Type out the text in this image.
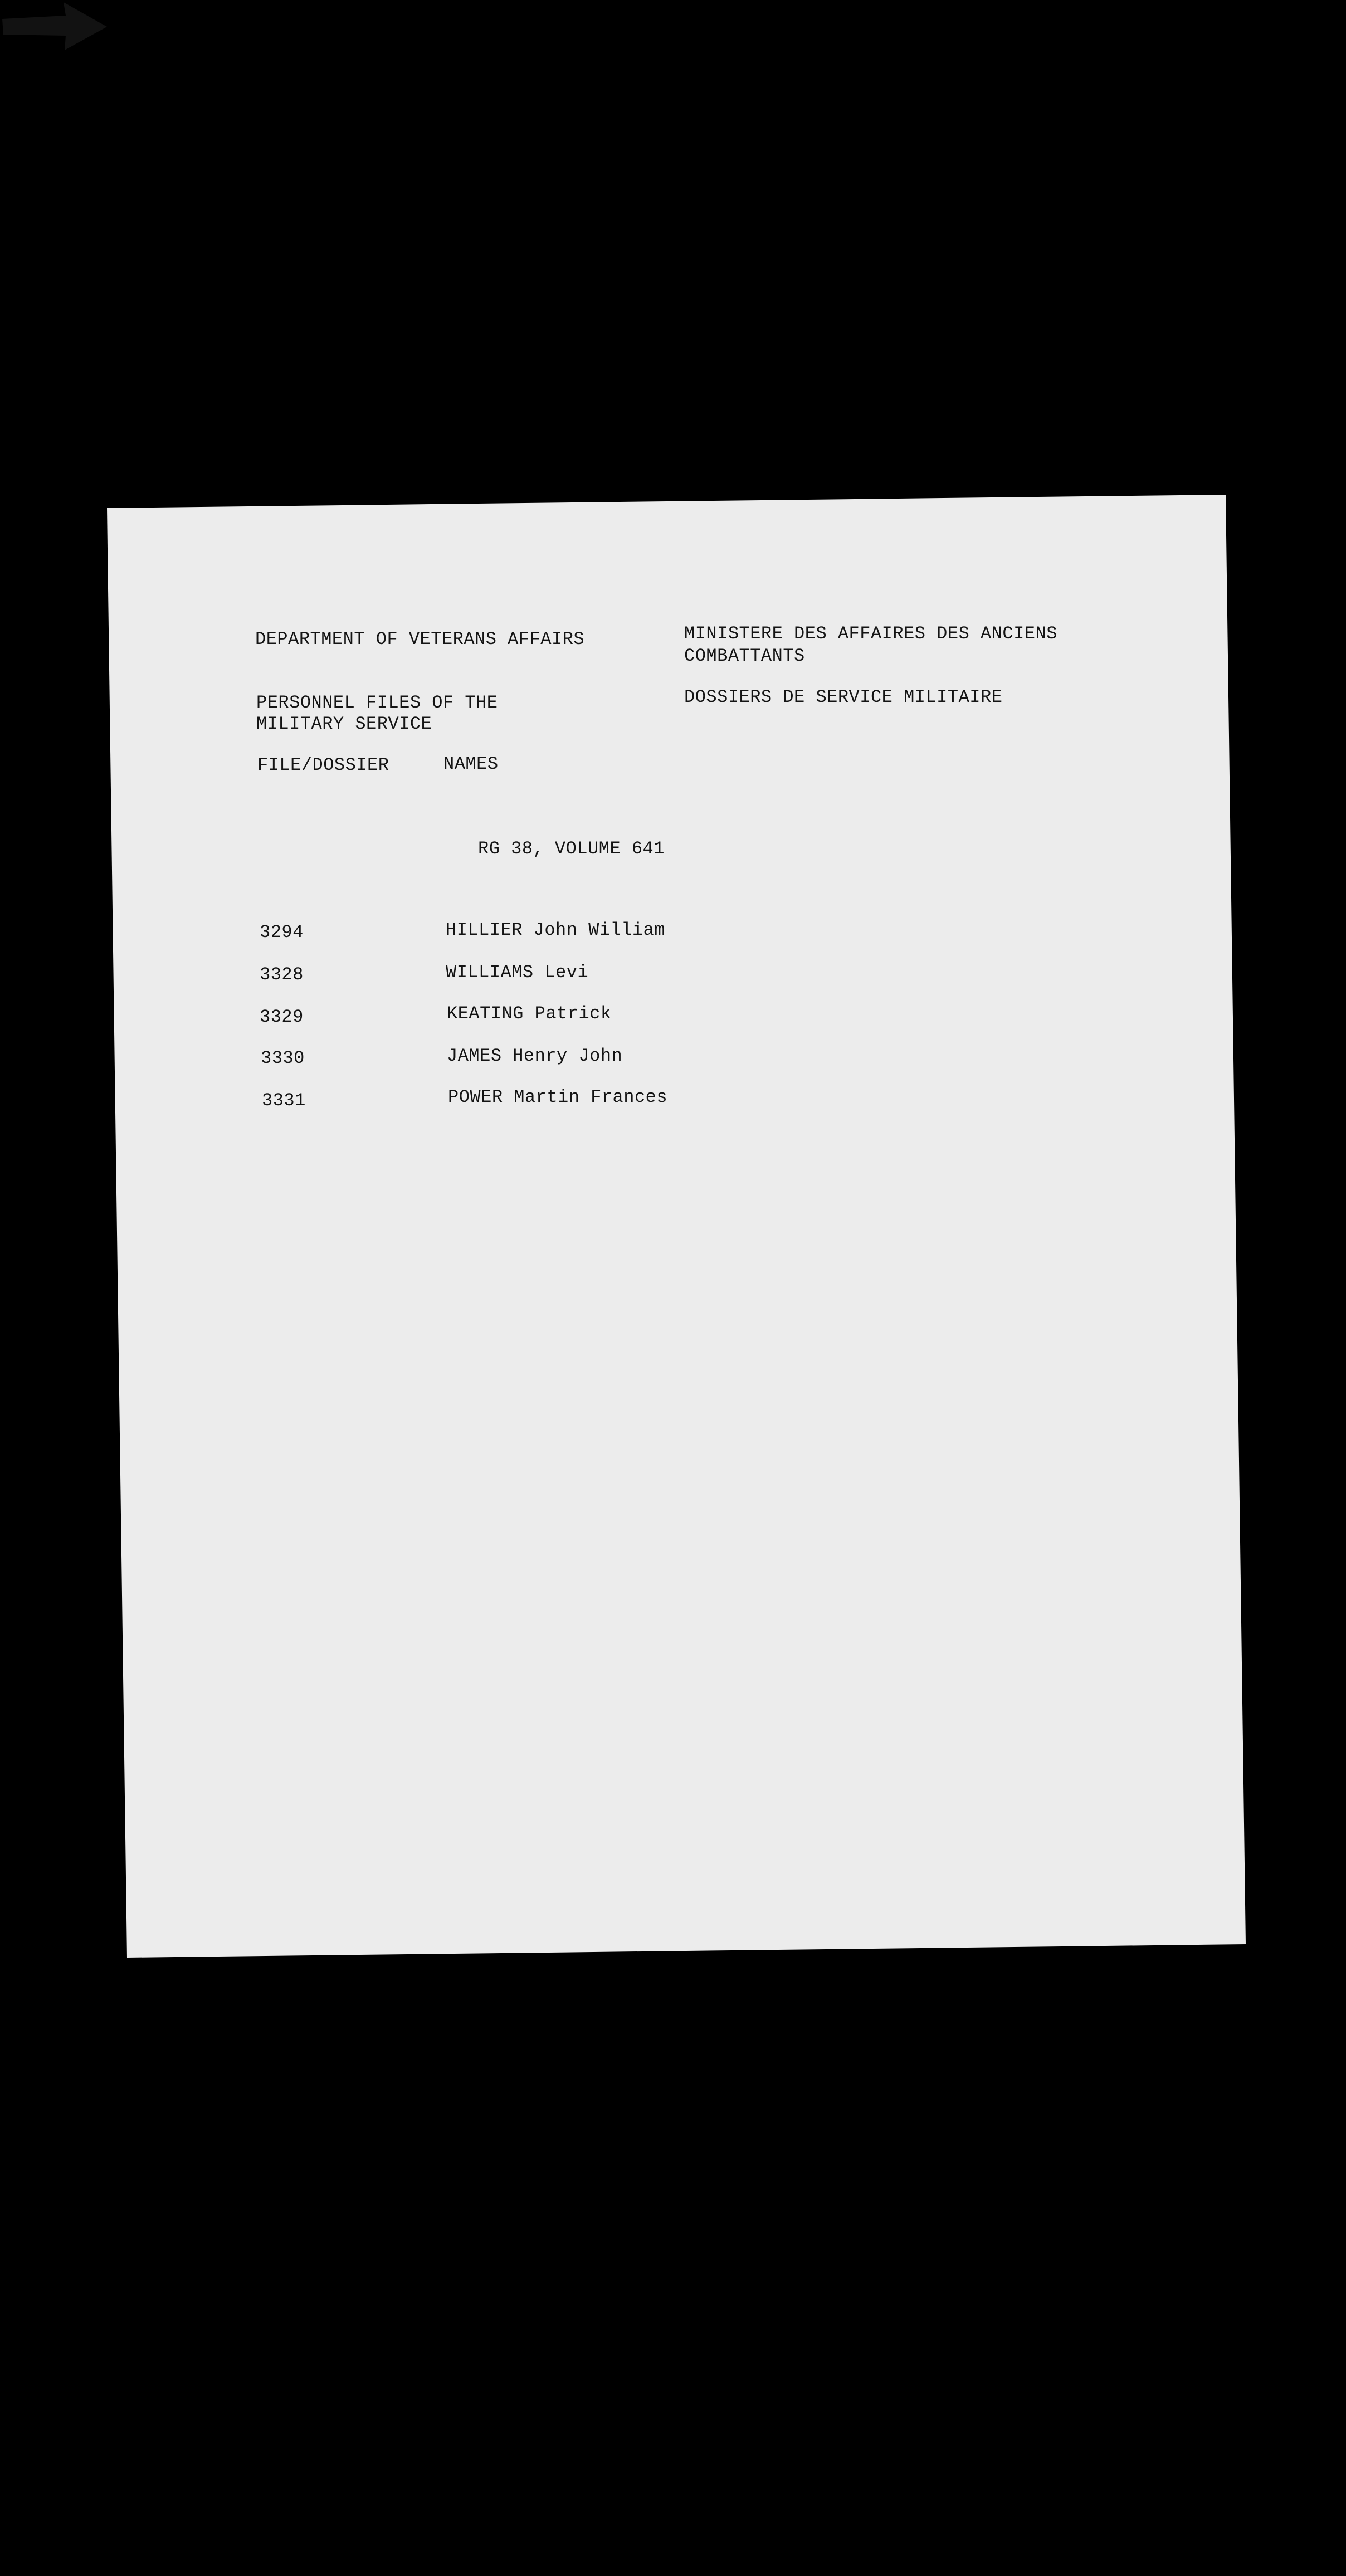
DEPARTMENT OF VETERANS AFFAIRS	MINISTERE DES AFFAIRES DES ANCIENS
COMBATTANTS
PERSONNEL FILES OF THE
MILITARY SERVICE
DOSSIERS DE SERVICE MILITAIRE
FILE/DOSSIER	NAMES
RG 38, VOLUME 641
3294	HILLIER John William
3328	WILLIAMS Levi
3329	KEATING Patrick
3330	JAMES Henry John
3331	POWER Martin Frances
